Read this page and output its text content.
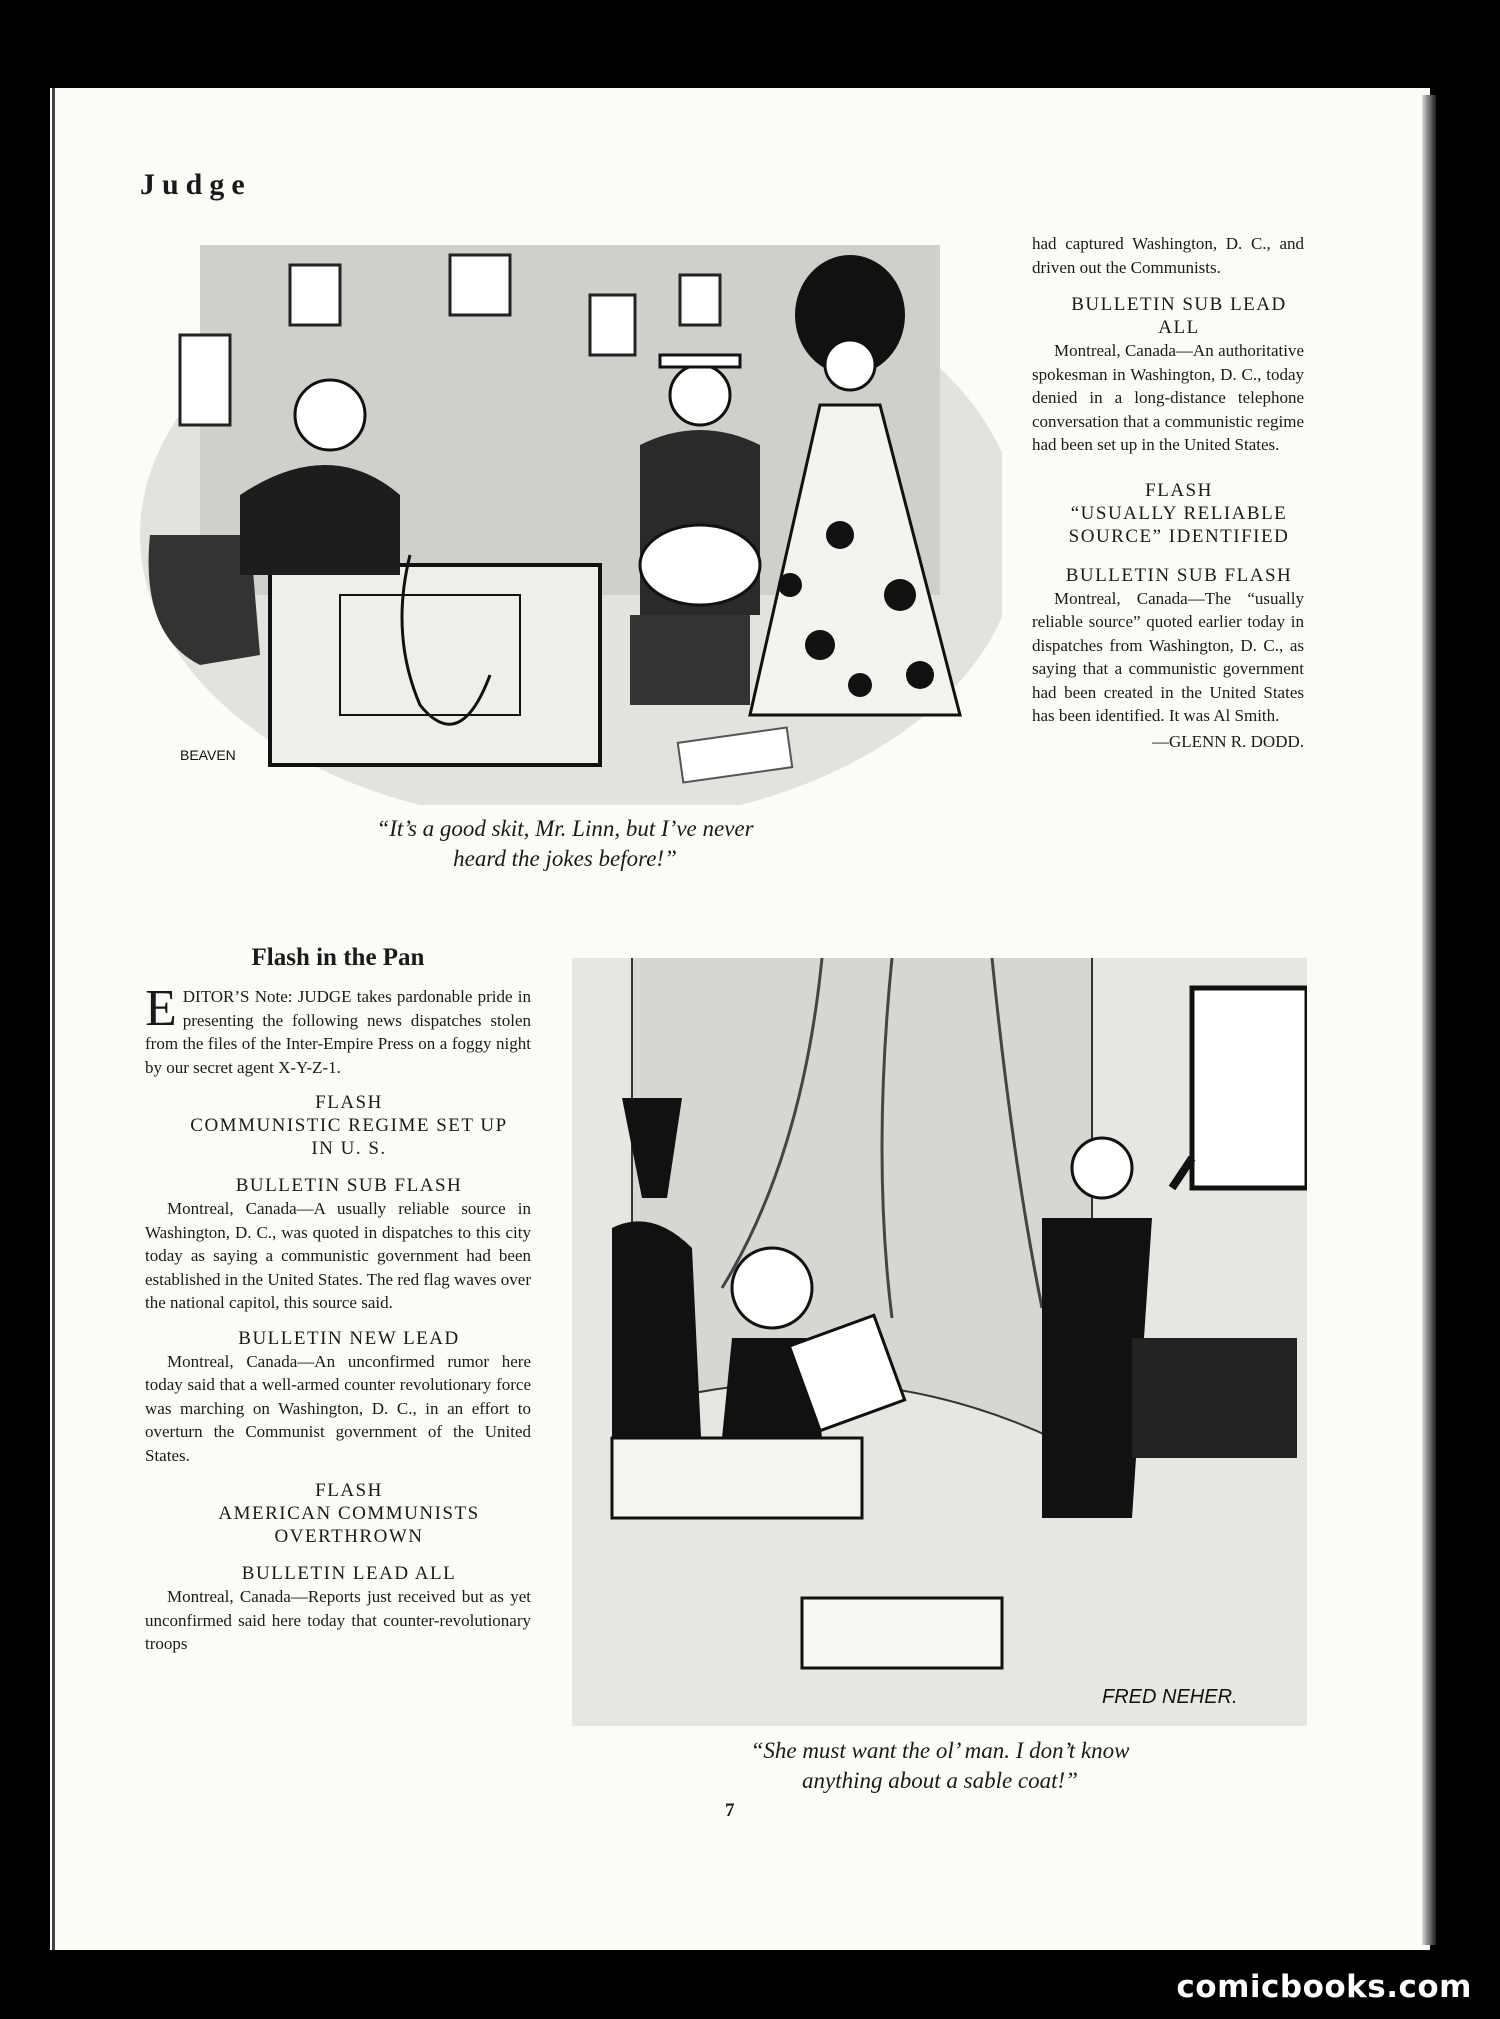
Judge
BEAVEN
“It’s a good skit, Mr. Linn, but I’ve never
heard the jokes before!”
FRED NEHER.
“She must want the ol’ man. I don’t know
anything about a sable coat!”
Flash in the Pan
E DITOR’S Note: JUDGE takes pardonable pride in presenting the following news dispatches stolen from the files of the Inter-Empire Press on a foggy night by our secret agent X-Y-Z-1.

FLASH

COMMUNISTIC REGIME SET UP

IN U. S.

BULLETIN SUB FLASH

Montreal, Canada—A usually reliable source in Washington, D. C., was quoted in dispatches to this city today as saying a communistic government had been established in the United States. The red flag waves over the national capitol, this source said.

BULLETIN NEW LEAD

Montreal, Canada—An unconfirmed rumor here today said that a well-armed counter revolutionary force was marching on Washington, D. C., in an effort to overturn the Communist government of the United States.

FLASH

AMERICAN COMMUNISTS

OVERTHROWN

BULLETIN LEAD ALL

Montreal, Canada—Reports just received but as yet unconfirmed said here today that counter-revolutionary troops

had captured Washington, D. C., and driven out the Communists.

BULLETIN SUB LEAD

ALL

Montreal, Canada—An authoritative spokesman in Washington, D. C., today denied in a long-distance telephone conversation that a communistic regime had been set up in the United States.

FLASH

“USUALLY RELIABLE

SOURCE” IDENTIFIED

BULLETIN SUB FLASH

Montreal, Canada—The “usually reliable source” quoted earlier today in dispatches from Washington, D. C., as saying that a communistic government had been created in the United States has been identified. It was Al Smith.

—GLENN R. DODD.
7
comicbooks.com
